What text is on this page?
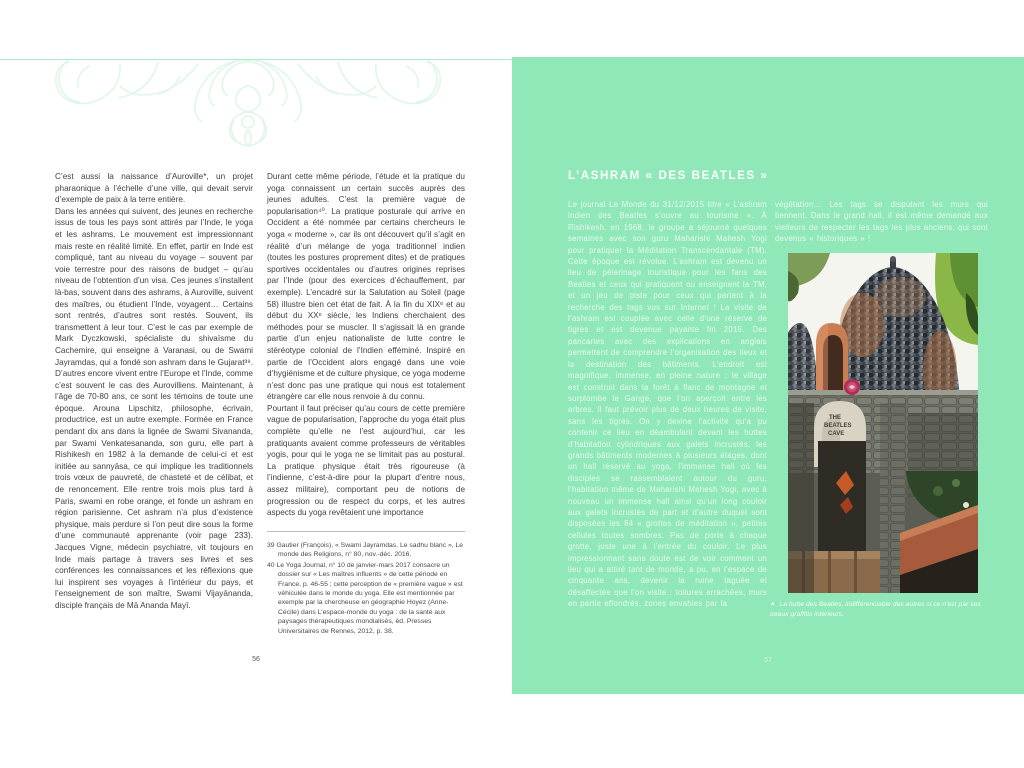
C’est aussi la naissance d’Auroville*, un projet pharaonique à l’échelle d’une ville, qui devait servir d’exemple de paix à la terre entière.

Dans les années qui suivent, des jeunes en recherche issus de tous les pays sont attirés par l’Inde, le yoga et les ashrams. Le mouvement est impressionnant mais reste en réalité limité. En effet, partir en Inde est compliqué, tant au niveau du voyage – souvent par voie terrestre pour des raisons de budget – qu’au niveau de l’obtention d’un visa. Ces jeunes s’installent là-bas, souvent dans des ashrams, à Auroville, suivent des maîtres, ou étudient l’Inde, voyagent… Certains sont rentrés, d’autres sont restés. Souvent, ils transmettent à leur tour. C’est le cas par exemple de Mark Dyczkowski, spécialiste du shivaïsme du Cachemire, qui enseigne à Varanasi, ou de Swami Jayramdas, qui a fondé son ashram dans le Gujarat³⁹. D’autres encore vivent entre l’Europe et l’Inde, comme c’est souvent le cas des Aurovilliens. Maintenant, à l’âge de 70-80 ans, ce sont les témoins de toute une époque. Arouna Lipschitz, philosophe, écrivain, productrice, est un autre exemple. Formée en France pendant dix ans dans la lignée de Swami Sivananda, par Swami Venkatesananda, son guru, elle part à Rishikesh en 1982 à la demande de celui-ci et est initiée au sannyāsa, ce qui implique les traditionnels trois vœux de pauvreté, de chasteté et de célibat, et de renoncement. Elle rentre trois mois plus tard à Paris, swami en robe orange, et fonde un ashram en région parisienne. Cet ashram n’a plus d’existence physique, mais perdure si l’on peut dire sous la forme d’une communauté apprenante (voir page 233). Jacques Vigne, médecin psychiatre, vit toujours en Inde mais partage à travers ses livres et ses conférences les connaissances et les réflexions que lui inspirent ses voyages à l’intérieur du pays, et l’enseignement de son maître, Swami Vijayānanda, disciple français de Mā Ananda Mayī.

Durant cette même période, l’étude et la pratique du yoga connaissent un certain succès auprès des jeunes adultes. C’est la première vague de popularisation⁴⁰. La pratique posturale qui arrive en Occident a été nommée par certains chercheurs le yoga « moderne », car ils ont découvert qu’il s’agit en réalité d’un mélange de yoga traditionnel indien (toutes les postures proprement dites) et de pratiques sportives occidentales ou d’autres origines reprises par l’Inde (pour des exercices d’échauffement, par exemple). L’encadré sur la Salutation au Soleil (page 58) illustre bien cet état de fait. À la fin du XIXᵉ et au début du XXᵉ siècle, les Indiens cherchaient des méthodes pour se muscler. Il s’agissait là en grande partie d’un enjeu nationaliste de lutte contre le stéréotype colonial de l’Indien efféminé. Inspiré en partie de l’Occident alors engagé dans une voie d’hygiénisme et de culture physique, ce yoga moderne n’est donc pas une pratique qui nous est totalement étrangère car elle nous renvoie à du connu.

Pourtant il faut préciser qu’au cours de cette première vague de popularisation, l’approche du yoga était plus complète qu’elle ne l’est aujourd’hui, car les pratiquants avaient comme professeurs de véritables yogis, pour qui le yoga ne se limitait pas au postural. La pratique physique était très rigoureuse (à l’indienne, c’est-à-dire pour la plupart d’entre nous, assez militaire), comportant peu de notions de progression ou de respect du corps, et les autres aspects du yoga revêtaient une importance

39 Gautier (François), « Swami Jayramdas. Le sadhu blanc », Le monde des Religions, n° 80, nov.-déc. 2016.

40 Le Yoga Journal, n° 10 de janvier-mars 2017 consacre un dossier sur « Les maîtres influents » de cette période en France, p. 46-55 ; cette perception de « première vague » est véhiculée dans le monde du yoga. Elle est mentionnée par exemple par la chercheuse en géographie Hoyez (Anne-Cécile) dans L’espace-monde du yoga : de la santé aux paysages thérapeutiques mondialisés, éd. Presses Universitaires de Rennes, 2012, p. 38.

56
L’ASHRAM « DES BEATLES »
Le journal Le Monde du 31/12/2015 titre « L’ashram indien des Beatles s’ouvre au tourisme ». À Rishikesh, en 1968, le groupe a séjourné quelques semaines avec son guru Maharishi Mahesh Yogi pour pratiquer la Méditation Transcendantale (TM). Cette époque est révolue. L’ashram est devenu un lieu de pèlerinage touristique pour les fans des Beatles et ceux qui pratiquent ou enseignent la TM, et un jeu de piste pour ceux qui partent à la recherche des tags vus sur Internet ! La visite de l’ashram est couplée avec celle d’une réserve de tigres et est devenue payante fin 2015. Des pancartes avec des explications en anglais permettent de comprendre l’organisation des lieux et la destination des bâtiments. L’endroit est magnifique, immense, en pleine nature : le village est construit dans la forêt à flanc de montagne et surplombe le Gange, que l’on aperçoit entre les arbres. Il faut prévoir plus de deux heures de visite, sans les tigres. On y devine l’activité qu’a pu contenir ce lieu en déambulant devant les huttes d’habitation cylindriques aux galets incrustés, les grands bâtiments modernes à plusieurs étages, dont un hall réservé au yoga, l’immense hall où les disciples se rassemblaient autour du guru, l’habitation même de Maharishi Mahesh Yogi, avec à nouveau un immense hall ainsi qu’un long couloir aux galets incrustés de part et d’autre duquel sont disposées les 84 « grottes de méditation », petites cellules toutes sombres. Pas de porte à chaque grotte, juste une à l’entrée du couloir. Le plus impressionnant sans doute est de voir comment un lieu qui a attiré tant de monde, a pu, en l’espace de cinquante ans, devenir la ruine taguée et désaffectée que l’on visite : toitures arrachées, murs en partie effondrés, zones envahies par la
végétation… Les tags se disputent les murs qui tiennent. Dans le grand hall, il est même demandé aux visiteurs de respecter les tags les plus anciens, qui sont devenus « historiques » !
THE
BEATLES
CAVE
▲ La hutte des Beatles, indifférenciable des autres si ce n’est par ses beaux graffitis intérieurs.
57
